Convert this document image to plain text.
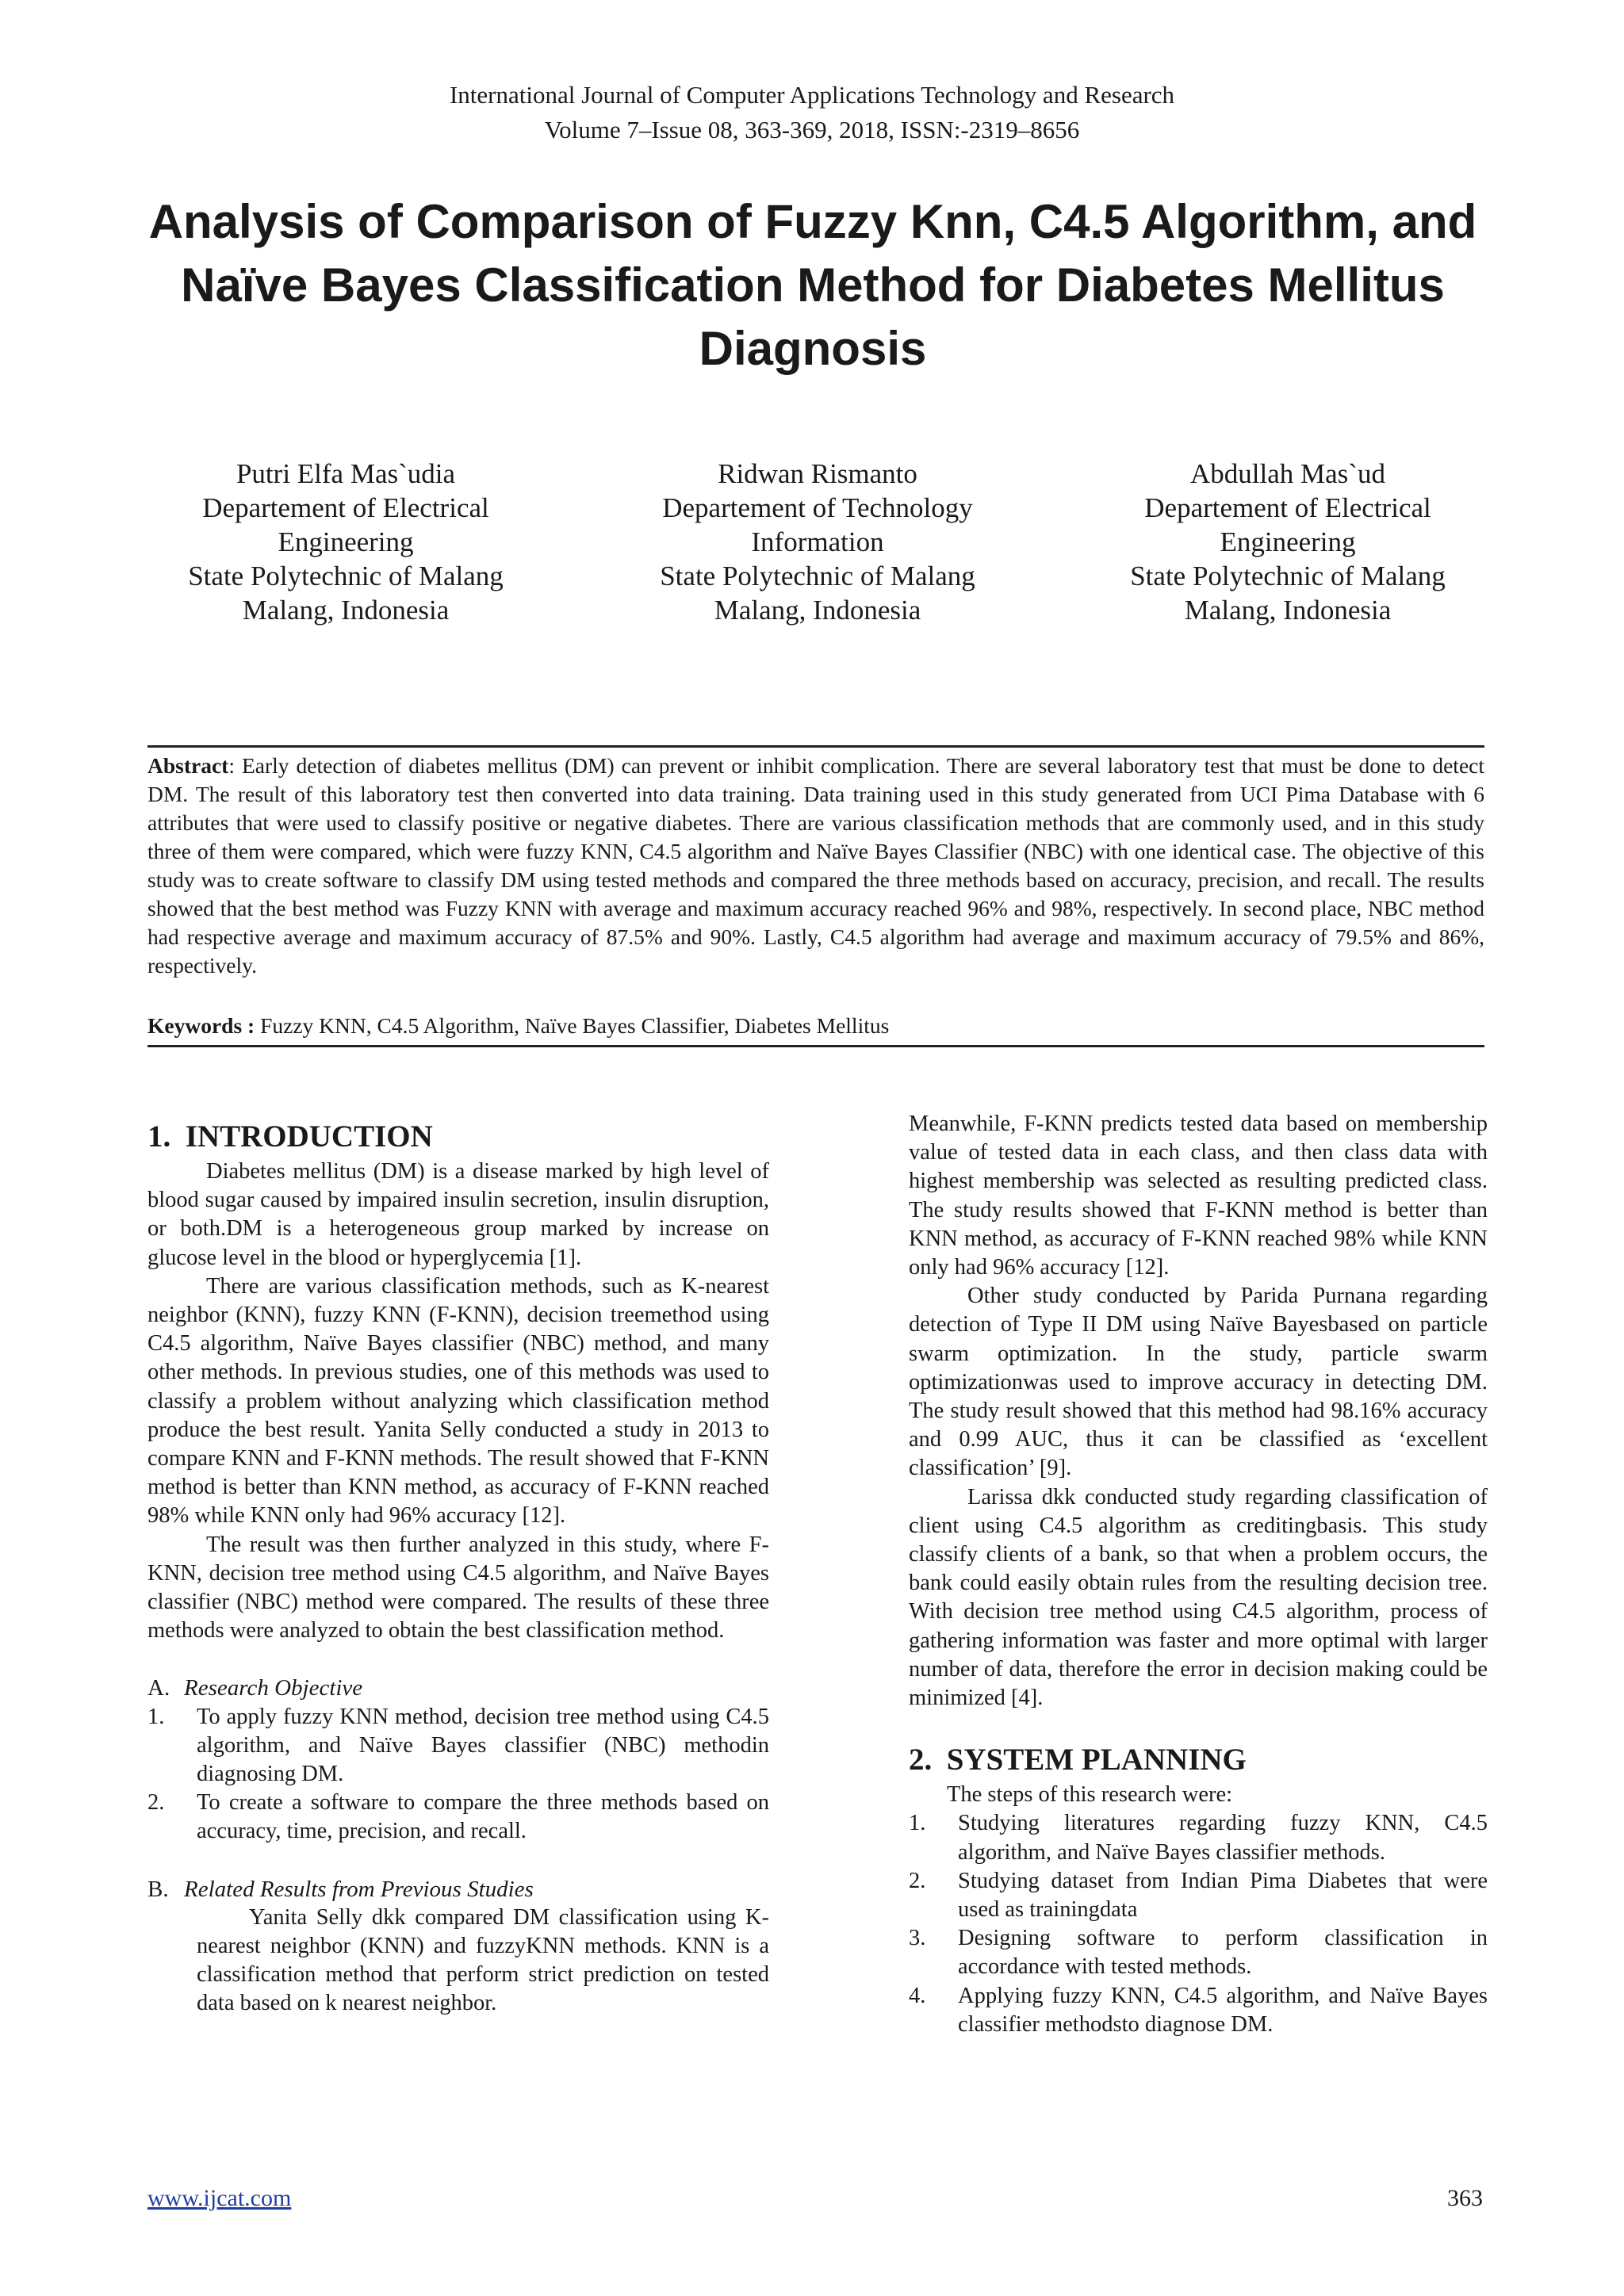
International Journal of Computer Applications Technology and Research
Volume 7–Issue 08, 363-369, 2018, ISSN:-2319–8656
Analysis of Comparison of Fuzzy Knn, C4.5 Algorithm, and Naïve Bayes Classification Method for Diabetes Mellitus Diagnosis
Putri Elfa Mas`udia
Departement of Electrical
Engineering
State Polytechnic of Malang
Malang, Indonesia
Ridwan Rismanto
Departement of Technology
Information
State Polytechnic of Malang
Malang, Indonesia
Abdullah Mas`ud
Departement of Electrical
Engineering
State Polytechnic of Malang
Malang, Indonesia

Abstract: Early detection of diabetes mellitus (DM) can prevent or inhibit complication. There are several laboratory test that must be done to detect DM. The result of this laboratory test then converted into data training. Data training used in this study generated from UCI Pima Database with 6 attributes that were used to classify positive or negative diabetes. There are various classification methods that are commonly used, and in this study three of them were compared, which were fuzzy KNN, C4.5 algorithm and Naïve Bayes Classifier (NBC) with one identical case. The objective of this study was to create software to classify DM using tested methods and compared the three methods based on accuracy, precision, and recall. The results showed that the best method was Fuzzy KNN with average and maximum accuracy reached 96% and 98%, respectively. In second place, NBC method had respective average and maximum accuracy of 87.5% and 90%. Lastly, C4.5 algorithm had average and maximum accuracy of 79.5% and 86%, respectively.

Keywords : Fuzzy KNN, C4.5 Algorithm, Naïve Bayes Classifier, Diabetes Mellitus

1. INTRODUCTION

Diabetes mellitus (DM) is a disease marked by high level of blood sugar caused by impaired insulin secretion, insulin disruption, or both.DM is a heterogeneous group marked by increase on glucose level in the blood or hyperglycemia [1].

There are various classification methods, such as K-nearest neighbor (KNN), fuzzy KNN (F-KNN), decision treemethod using C4.5 algorithm, Naïve Bayes classifier (NBC) method, and many other methods. In previous studies, one of this methods was used to classify a problem without analyzing which classification method produce the best result. Yanita Selly conducted a study in 2013 to compare KNN and F-KNN methods. The result showed that F-KNN method is better than KNN method, as accuracy of F-KNN reached 98% while KNN only had 96% accuracy [12].

The result was then further analyzed in this study, where F-KNN, decision tree method using C4.5 algorithm, and Naïve Bayes classifier (NBC) method were compared. The results of these three methods were analyzed to obtain the best classification method.

A. Research Objective
1. To apply fuzzy KNN method, decision tree method using C4.5 algorithm, and Naïve Bayes classifier (NBC) methodin diagnosing DM.
2. To create a software to compare the three methods based on accuracy, time, precision, and recall.
B. Related Results from Previous Studies

Yanita Selly dkk compared DM classification using K-nearest neighbor (KNN) and fuzzyKNN methods. KNN is a classification method that perform strict prediction on tested data based on k nearest neighbor.

Meanwhile, F-KNN predicts tested data based on membership value of tested data in each class, and then class data with highest membership was selected as resulting predicted class. The study results showed that F-KNN method is better than KNN method, as accuracy of F-KNN reached 98% while KNN only had 96% accuracy [12].

Other study conducted by Parida Purnana regarding detection of Type II DM using Naïve Bayesbased on particle swarm optimization. In the study, particle swarm optimizationwas used to improve accuracy in detecting DM. The study result showed that this method had 98.16% accuracy and 0.99 AUC, thus it can be classified as ‘excellent classification’ [9].

Larissa dkk conducted study regarding classification of client using C4.5 algorithm as creditingbasis. This study classify clients of a bank, so that when a problem occurs, the bank could easily obtain rules from the resulting decision tree. With decision tree method using C4.5 algorithm, process of gathering information was faster and more optimal with larger number of data, therefore the error in decision making could be minimized [4].

2. SYSTEM PLANNING
The steps of this research were:
1. Studying literatures regarding fuzzy KNN, C4.5 algorithm, and Naïve Bayes classifier methods.
2. Studying dataset from Indian Pima Diabetes that were used as trainingdata
3. Designing software to perform classification in accordance with tested methods.
4. Applying fuzzy KNN, C4.5 algorithm, and Naïve Bayes classifier methodsto diagnose DM.
www.ijcat.com	363
